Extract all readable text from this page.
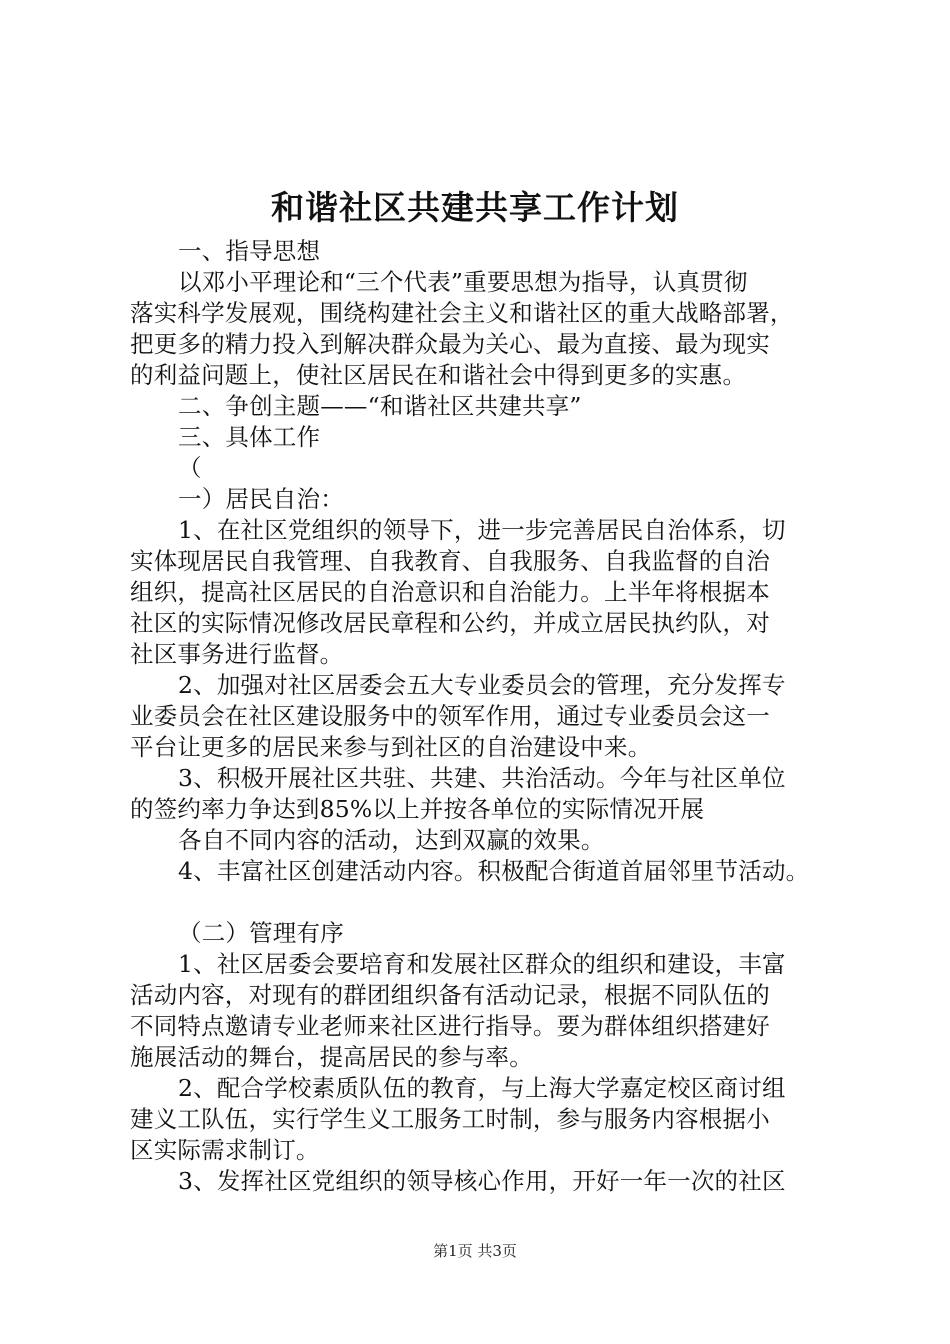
和谐社区共建共享工作计划
一、指导思想
以邓小平理论和“三个代表”重要思想为指导，认真贯彻
落实科学发展观，围绕构建社会主义和谐社区的重大战略部署，
把更多的精力投入到解决群众最为关心、最为直接、最为现实
的利益问题上，使社区居民在和谐社会中得到更多的实惠。
二、争创主题——“和谐社区共建共享”
三、具体工作
（
一）居民自治：
1、在社区党组织的领导下，进一步完善居民自治体系，切
实体现居民自我管理、自我教育、自我服务、自我监督的自治
组织，提高社区居民的自治意识和自治能力。上半年将根据本
社区的实际情况修改居民章程和公约，并成立居民执约队，对
社区事务进行监督。
2、加强对社区居委会五大专业委员会的管理，充分发挥专
业委员会在社区建设服务中的领军作用，通过专业委员会这一
平台让更多的居民来参与到社区的自治建设中来。
3、积极开展社区共驻、共建、共治活动。今年与社区单位
的签约率力争达到85%以上并按各单位的实际情况开展
各自不同内容的活动，达到双赢的效果。
4、丰富社区创建活动内容。积极配合街道首届邻里节活动。
（二）管理有序
1、社区居委会要培育和发展社区群众的组织和建设，丰富
活动内容，对现有的群团组织备有活动记录，根据不同队伍的
不同特点邀请专业老师来社区进行指导。要为群体组织搭建好
施展活动的舞台，提高居民的参与率。
2、配合学校素质队伍的教育，与上海大学嘉定校区商讨组
建义工队伍，实行学生义工服务工时制，参与服务内容根据小
区实际需求制订。
3、发挥社区党组织的领导核心作用，开好一年一次的社区
第1页 共3页
